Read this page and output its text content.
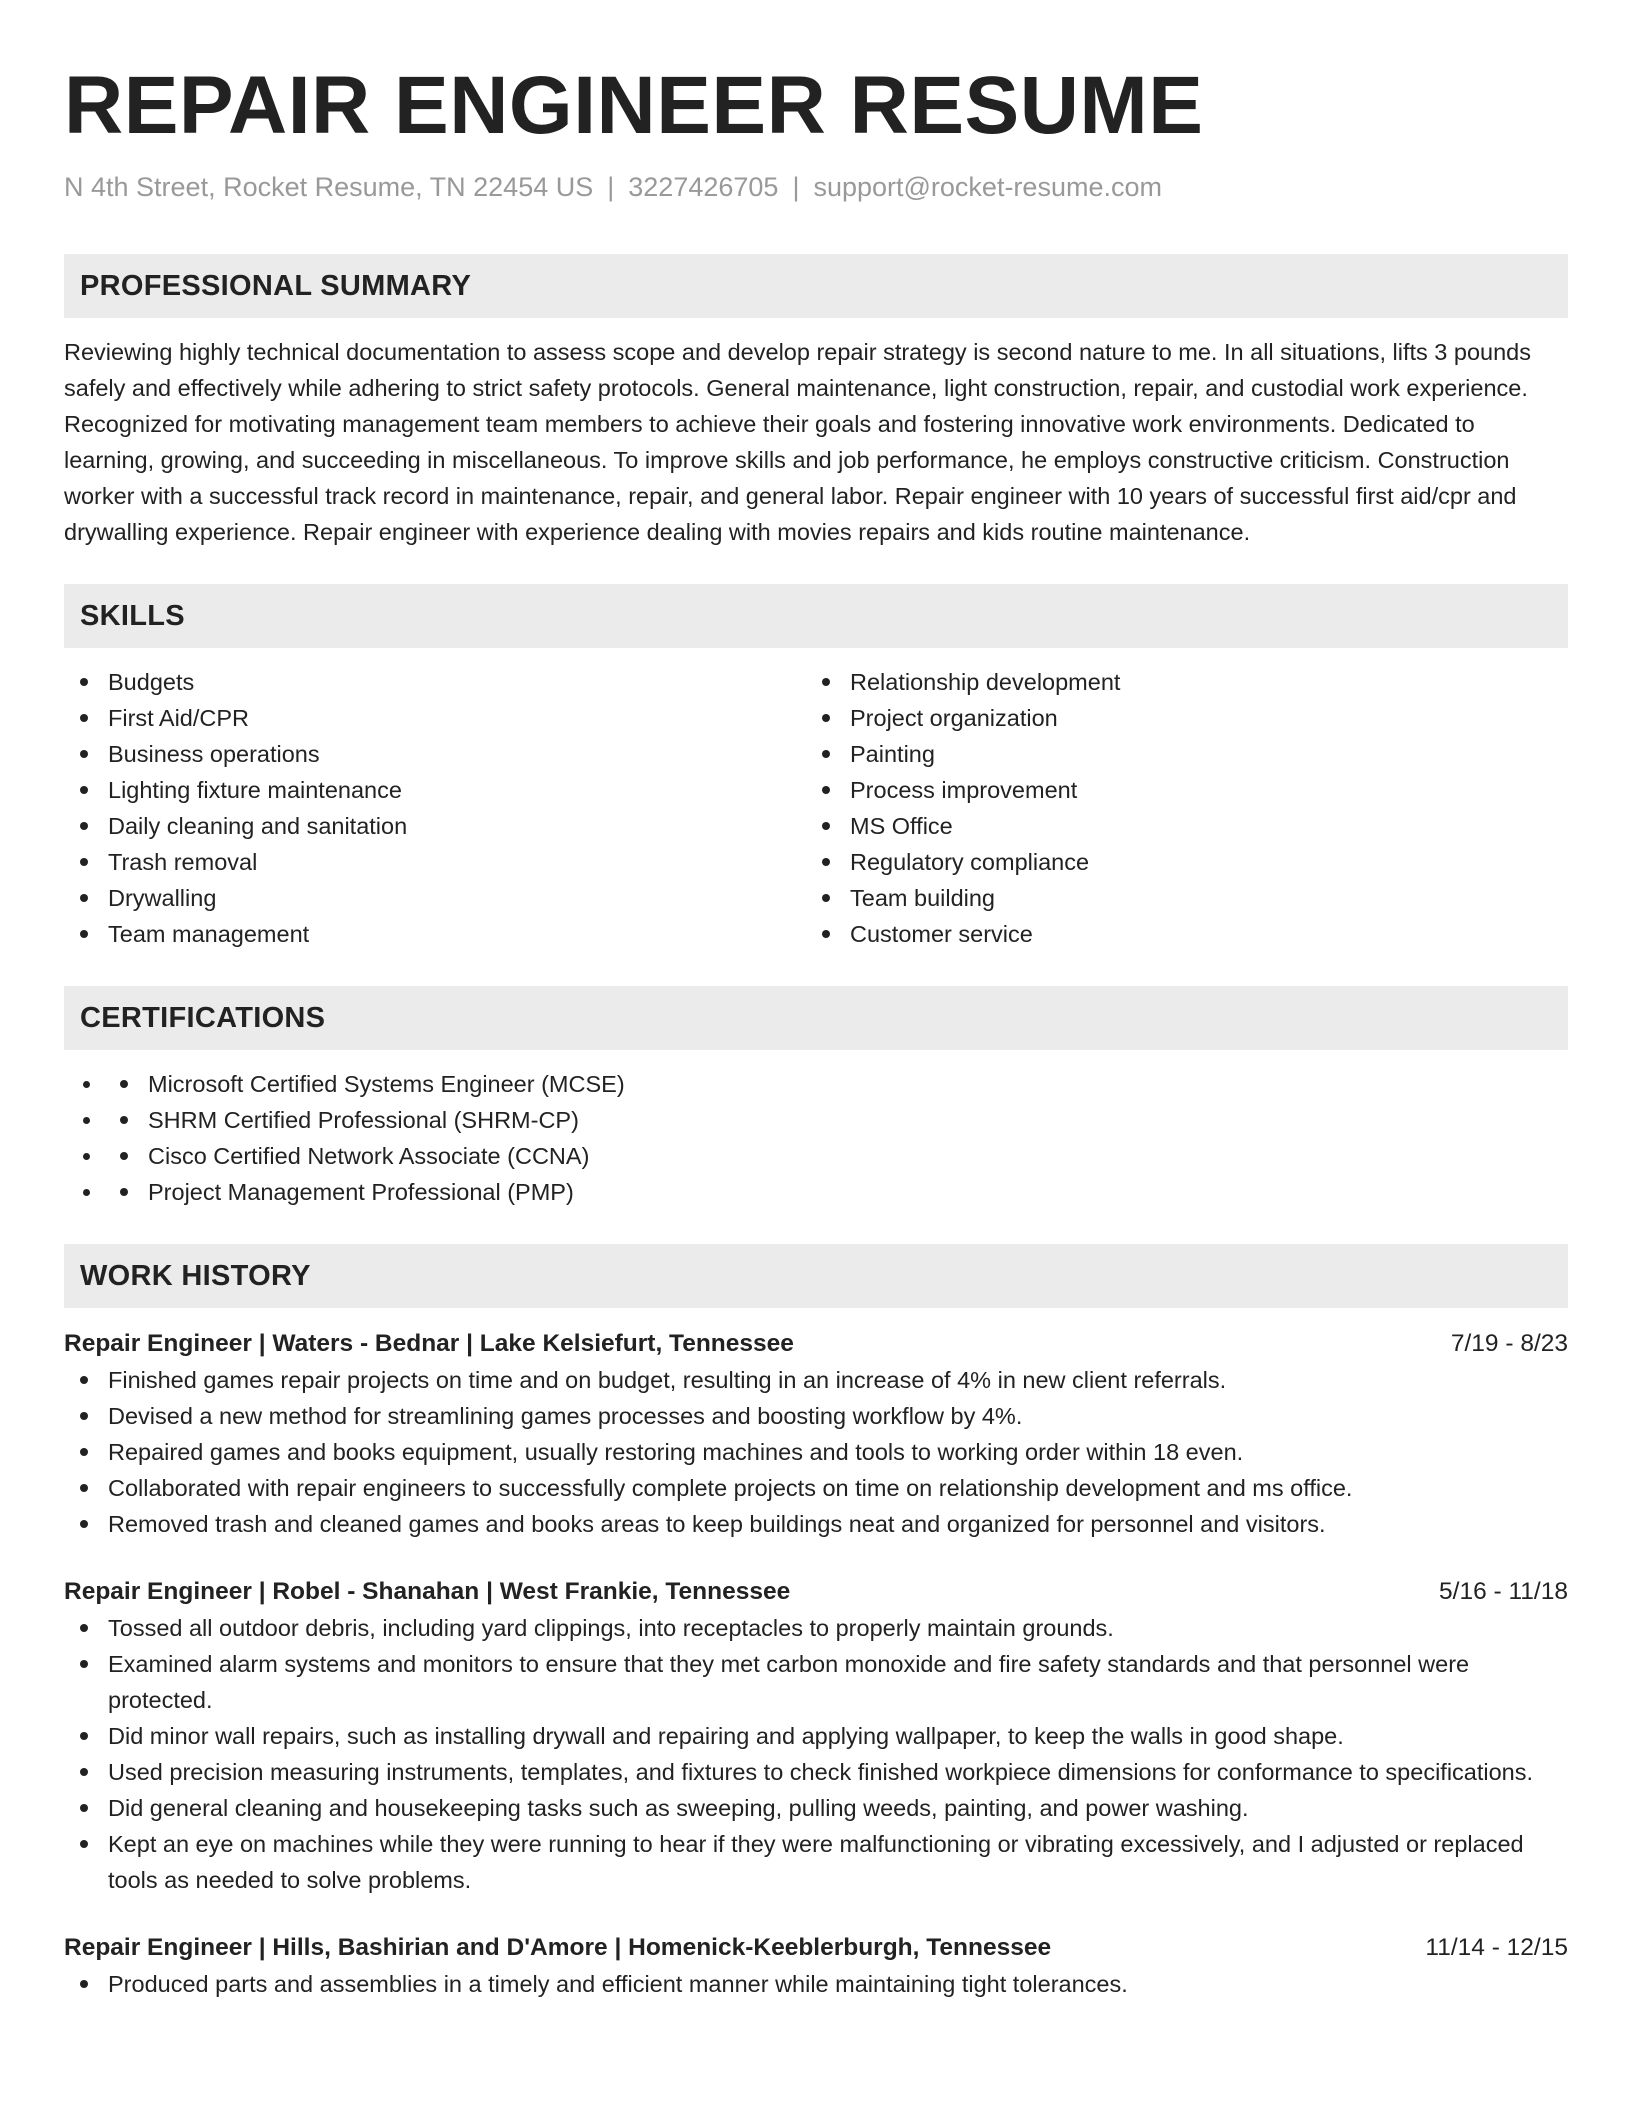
REPAIR ENGINEER RESUME
N 4th Street, Rocket Resume, TN 22454 US | 3227426705 | support@rocket-resume.com
PROFESSIONAL SUMMARY

Reviewing highly technical documentation to assess scope and develop repair strategy is second nature to me. In all situations, lifts 3 pounds safely and effectively while adhering to strict safety protocols. General maintenance, light construction, repair, and custodial work experience. Recognized for motivating management team members to achieve their goals and fostering innovative work environments. Dedicated to learning, growing, and succeeding in miscellaneous. To improve skills and job performance, he employs constructive criticism. Construction worker with a successful track record in maintenance, repair, and general labor. Repair engineer with 10 years of successful first aid/cpr and drywalling experience. Repair engineer with experience dealing with movies repairs and kids routine maintenance.

SKILLS
Budgets
First Aid/CPR
Business operations
Lighting fixture maintenance
Daily cleaning and sanitation
Trash removal
Drywalling
Team management
Relationship development
Project organization
Painting
Process improvement
MS Office
Regulatory compliance
Team building
Customer service
CERTIFICATIONS
• Microsoft Certified Systems Engineer (MCSE)
• SHRM Certified Professional (SHRM-CP)
• Cisco Certified Network Associate (CCNA)
• Project Management Professional (PMP)
WORK HISTORY
Repair Engineer | Waters - Bednar | Lake Kelsiefurt, Tennessee	7/19 - 8/23
Finished games repair projects on time and on budget, resulting in an increase of 4% in new client referrals.
Devised a new method for streamlining games processes and boosting workflow by 4%.
Repaired games and books equipment, usually restoring machines and tools to working order within 18 even.
Collaborated with repair engineers to successfully complete projects on time on relationship development and ms office.
Removed trash and cleaned games and books areas to keep buildings neat and organized for personnel and visitors.
Repair Engineer | Robel - Shanahan | West Frankie, Tennessee	5/16 - 11/18
Tossed all outdoor debris, including yard clippings, into receptacles to properly maintain grounds.
Examined alarm systems and monitors to ensure that they met carbon monoxide and fire safety standards and that personnel were protected.
Did minor wall repairs, such as installing drywall and repairing and applying wallpaper, to keep the walls in good shape.
Used precision measuring instruments, templates, and fixtures to check finished workpiece dimensions for conformance to specifications.
Did general cleaning and housekeeping tasks such as sweeping, pulling weeds, painting, and power washing.
Kept an eye on machines while they were running to hear if they were malfunctioning or vibrating excessively, and I adjusted or replaced tools as needed to solve problems.
Repair Engineer | Hills, Bashirian and D'Amore | Homenick-Keeblerburgh, Tennessee	11/14 - 12/15
Produced parts and assemblies in a timely and efficient manner while maintaining tight tolerances.
